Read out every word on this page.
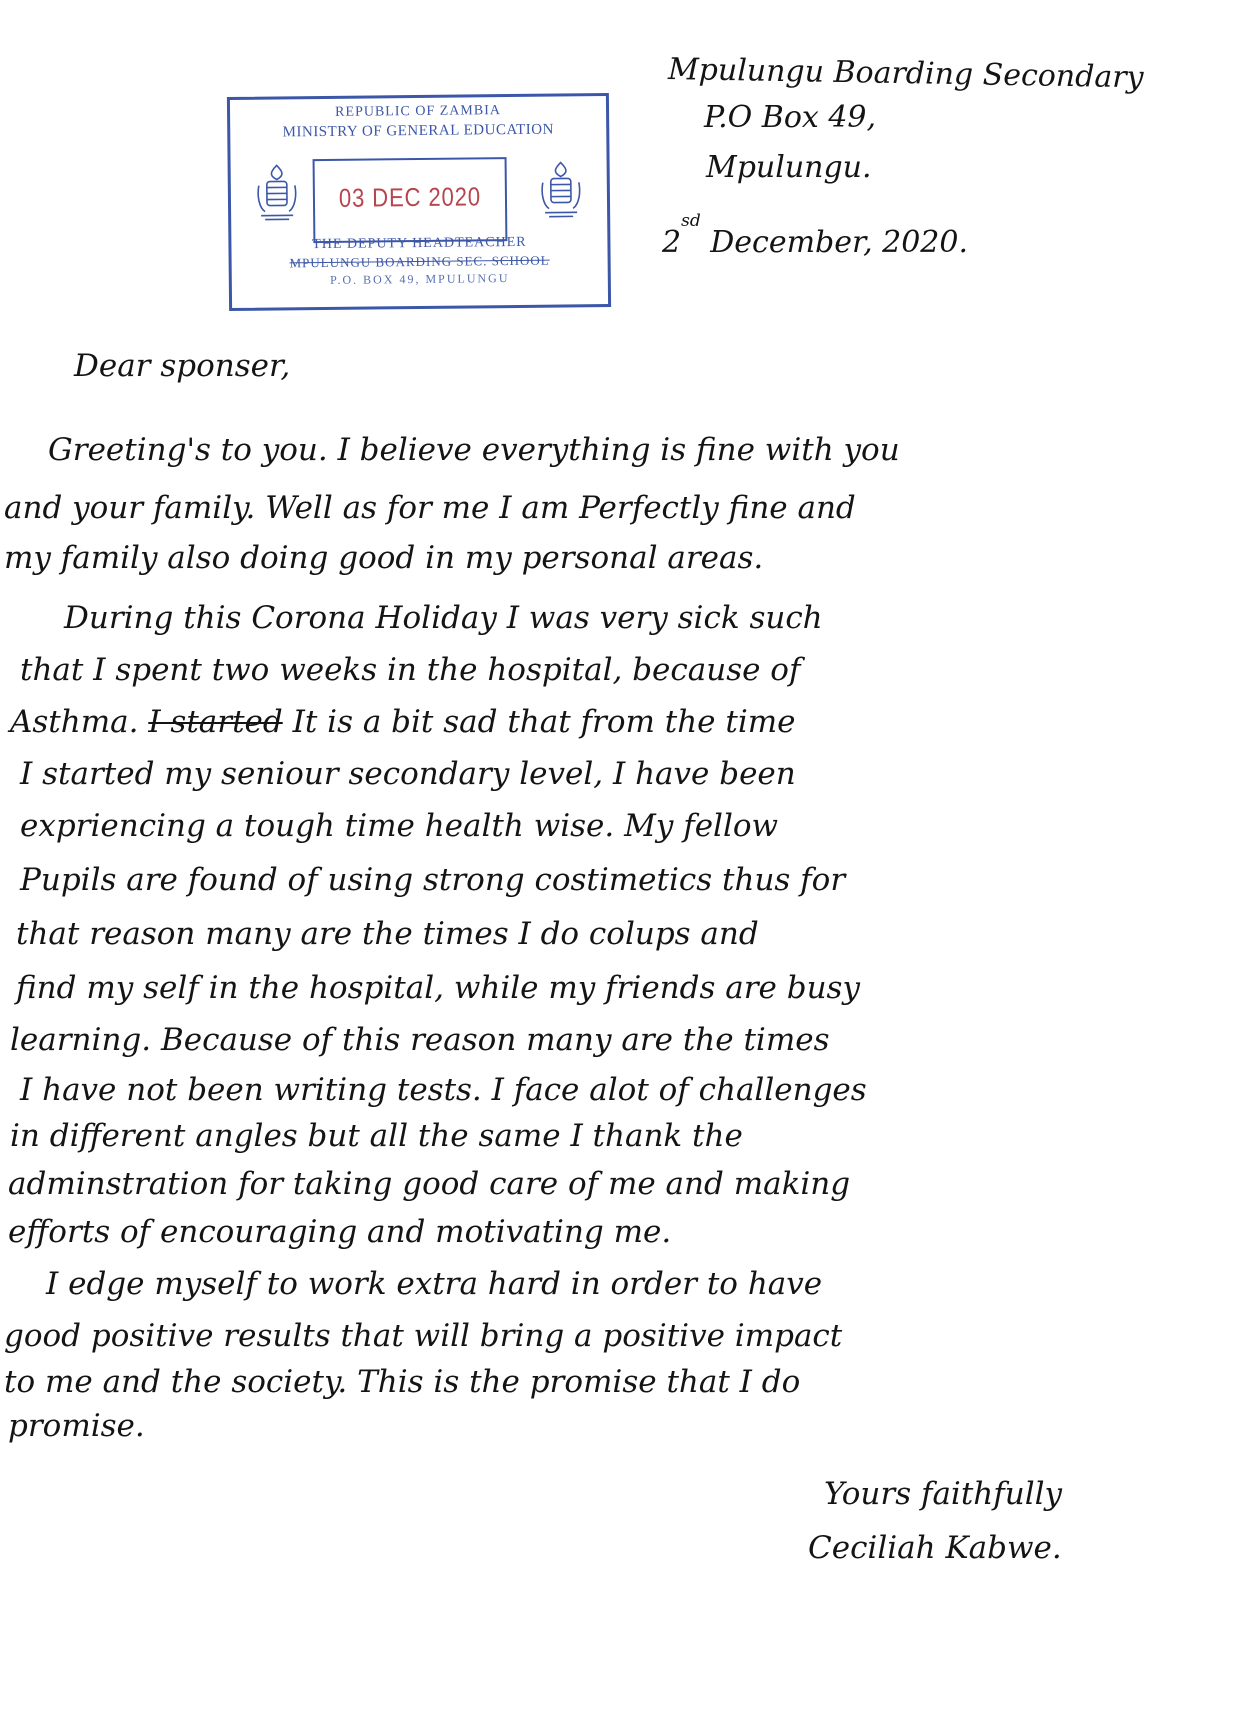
REPUBLIC OF ZAMBIA
MINISTRY OF GENERAL EDUCATION
03 DEC 2020
THE DEPUTY HEADTEACHER
MPULUNGU BOARDING SEC. SCHOOL
P.O. BOX 49, MPULUNGU
Mpulungu Boarding Secondary
P.O Box 49,
Mpulungu.
$2^{sd}$ December, 2020.
Dear sponser,
Greeting's to you. I believe everything is fine with you
and your family. Well as for me I am Perfectly fine and
my family also doing good in my personal areas.
During this Corona Holiday I was very sick such
that I spent two weeks in the hospital, because of
Asthma. I started It is a bit sad that from the time
I started my seniour secondary level, I have been
expriencing a tough time health wise. My fellow
Pupils are found of using strong costimetics thus for
that reason many are the times I do colups and
find my self in the hospital, while my friends are busy
learning. Because of this reason many are the times
I have not been writing tests. I face alot of challenges
in different angles but all the same I thank the
adminstration for taking good care of me and making
efforts of encouraging and motivating me.
I edge myself to work extra hard in order to have
good positive results that will bring a positive impact
to me and the society. This is the promise that I do
promise.
Yours faithfully
Ceciliah Kabwe.
